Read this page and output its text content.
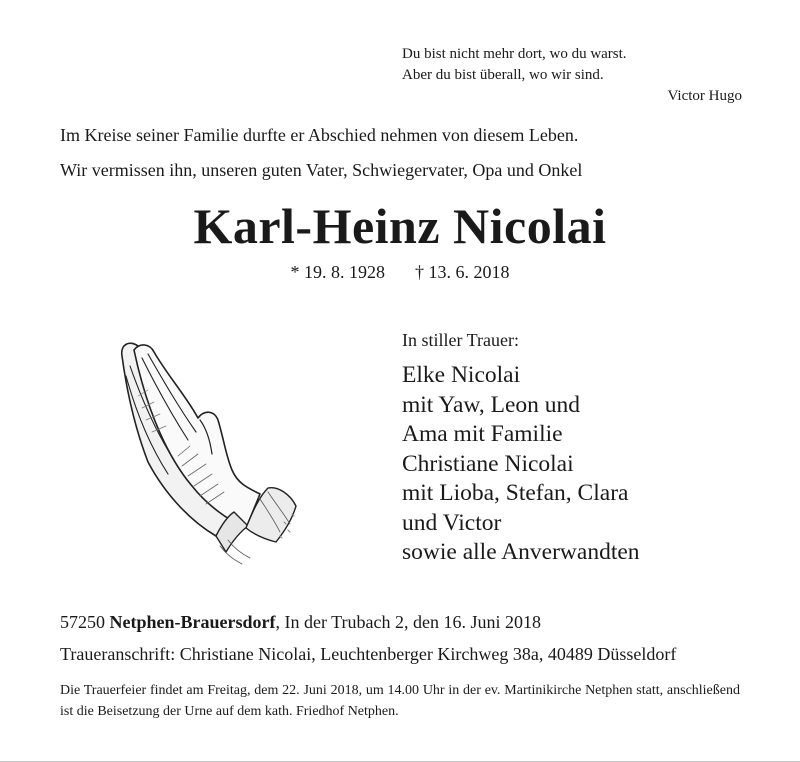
Du bist nicht mehr dort, wo du warst.
Aber du bist überall, wo wir sind.
Victor Hugo
Im Kreise seiner Familie durfte er Abschied nehmen von diesem Leben.
Wir vermissen ihn, unseren guten Vater, Schwiegervater, Opa und Onkel
Karl-Heinz Nicolai
* 19. 8. 1928 † 13. 6. 2018
In stiller Trauer:
Elke Nicolai
mit Yaw, Leon und
Ama mit Familie
Christiane Nicolai
mit Lioba, Stefan, Clara
und Victor
sowie alle Anverwandten
57250 Netphen-Brauersdorf, In der Trubach 2, den 16. Juni 2018
Traueranschrift: Christiane Nicolai, Leuchtenberger Kirchweg 38a, 40489 Düsseldorf
Die Trauerfeier findet am Freitag, dem 22. Juni 2018, um 14.00 Uhr in der ev. Martinikirche Netphen statt, anschließend ist die Beisetzung der Urne auf dem kath. Friedhof Netphen.
